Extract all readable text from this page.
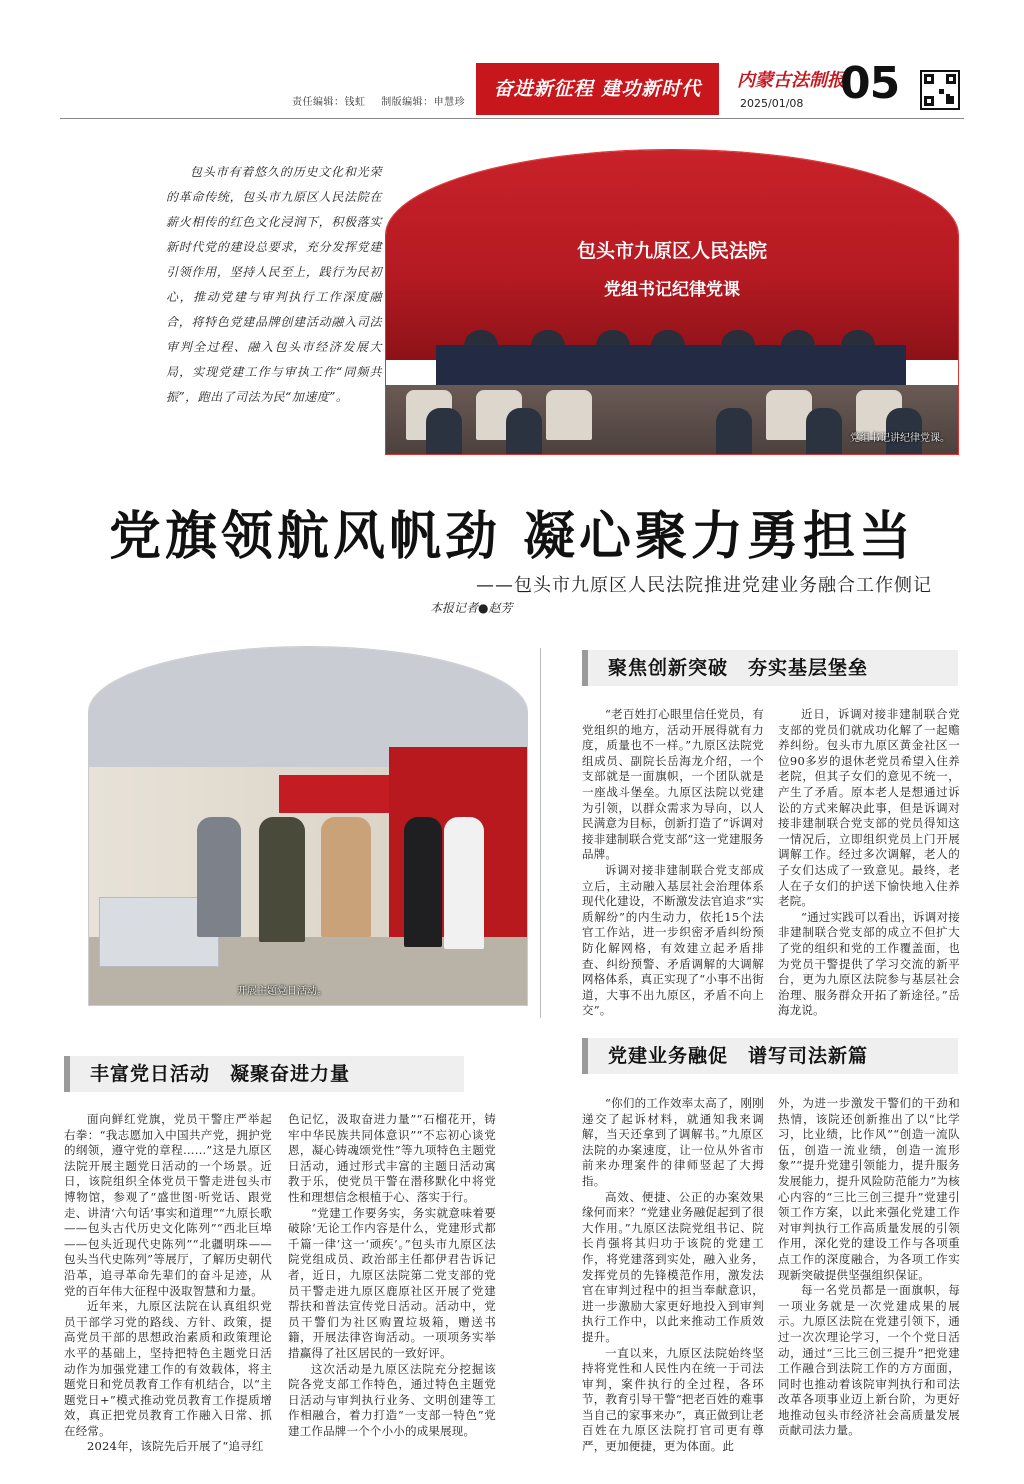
责任编辑：钱虹 制版编辑：申慧珍
奋进新征程 建功新时代	内蒙古法制报
2025/01/08 05

包头市有着悠久的历史文化和光荣的革命传统，包头市九原区人民法院在薪火相传的红色文化浸润下，积极落实新时代党的建设总要求，充分发挥党建引领作用，坚持人民至上，践行为民初心，推动党建与审判执行工作深度融合，将特色党建品牌创建活动融入司法审判全过程、融入包头市经济发展大局，实现党建工作与审执工作“同频共振”，跑出了司法为民“加速度”。

包头市九原区人民法院
党组书记纪律党课
党组书记讲纪律党课。
党旗领航风帆劲 凝心聚力勇担当
——包头市九原区人民法院推进党建业务融合工作侧记
本报记者●赵芳
开展主题党日活动。
聚焦创新突破 夯实基层堡垒

“老百姓打心眼里信任党员，有党组织的地方，活动开展得就有力度，质量也不一样。”九原区法院党组成员、副院长岳海龙介绍，一个支部就是一面旗帜，一个团队就是一座战斗堡垒。九原区法院以党建为引领，以群众需求为导向，以人民满意为目标，创新打造了“诉调对接非建制联合党支部”这一党建服务品牌。

诉调对接非建制联合党支部成立后，主动融入基层社会治理体系现代化建设，不断激发法官追求“实质解纷”的内生动力，依托15个法官工作站，进一步织密矛盾纠纷预防化解网格，有效建立起矛盾排查、纠纷预警、矛盾调解的大调解网格体系，真正实现了“小事不出街道，大事不出九原区，矛盾不向上交”。

近日，诉调对接非建制联合党支部的党员们就成功化解了一起赡养纠纷。包头市九原区黄金社区一位90多岁的退休老党员希望入住养老院，但其子女们的意见不统一，产生了矛盾。原本老人是想通过诉讼的方式来解决此事，但是诉调对接非建制联合党支部的党员得知这一情况后，立即组织党员上门开展调解工作。经过多次调解，老人的子女们达成了一致意见。最终，老人在子女们的护送下愉快地入住养老院。

“通过实践可以看出，诉调对接非建制联合党支部的成立不但扩大了党的组织和党的工作覆盖面，也为党员干警提供了学习交流的新平台，更为九原区法院参与基层社会治理、服务群众开拓了新途径。”岳海龙说。

丰富党日活动 凝聚奋进力量

面向鲜红党旗，党员干警庄严举起右拳：“我志愿加入中国共产党，拥护党的纲领，遵守党的章程……”这是九原区法院开展主题党日活动的一个场景。近日，该院组织全体党员干警走进包头市博物馆，参观了“盛世图·听党话、跟党走、讲清‘六句话’事实和道理”“九原长歌——包头古代历史文化陈列”“西北巨埠——包头近现代史陈列”“北疆明珠——包头当代史陈列”等展厅，了解历史朝代沿革，追寻革命先辈们的奋斗足迹，从党的百年伟大征程中汲取智慧和力量。

近年来，九原区法院在认真组织党员干部学习党的路线、方针、政策，提高党员干部的思想政治素质和政策理论水平的基础上，坚持把特色主题党日活动作为加强党建工作的有效载体，将主题党日和党员教育工作有机结合，以“主题党日+”模式推动党员教育工作提质增效，真正把党员教育工作融入日常、抓在经常。

2024年，该院先后开展了“追寻红

色记忆，汲取奋进力量”“石榴花开，铸牢中华民族共同体意识”“不忘初心谈党恩，凝心铸魂颂党性”等九项特色主题党日活动，通过形式丰富的主题日活动寓教于乐，使党员干警在潜移默化中将党性和理想信念根植于心、落实于行。

“党建工作要务实，务实就意味着要破除‘无论工作内容是什么，党建形式都千篇一律’这一‘顽疾’。”包头市九原区法院党组成员、政治部主任都伊君告诉记者，近日，九原区法院第二党支部的党员干警走进九原区鹿原社区开展了党建帮扶和普法宣传党日活动。活动中，党员干警们为社区购置垃圾箱，赠送书籍，开展法律咨询活动。一项项务实举措赢得了社区居民的一致好评。

这次活动是九原区法院充分挖掘该院各党支部工作特色，通过特色主题党日活动与审判执行业务、文明创建等工作相融合，着力打造“一支部一特色”党建工作品牌一个个小小的成果展现。

党建业务融促 谱写司法新篇

“你们的工作效率太高了，刚刚递交了起诉材料，就通知我来调解，当天还拿到了调解书。”九原区法院的办案速度，让一位从外省市前来办理案件的律师竖起了大拇指。

高效、便捷、公正的办案效果缘何而来？“党建业务融促起到了很大作用。”九原区法院党组书记、院长肖强将其归功于该院的党建工作，将党建落到实处，融入业务，发挥党员的先锋模范作用，激发法官在审判过程中的担当奉献意识，进一步激励大家更好地投入到审判执行工作中，以此来推动工作质效提升。

一直以来，九原区法院始终坚持将党性和人民性内在统一于司法审判，案件执行的全过程，各环节，教育引导干警“把老百姓的难事当自己的家事来办”，真正做到让老百姓在九原区法院打官司更有尊严，更加便捷，更为体面。此

外，为进一步激发干警们的干劲和热情，该院还创新推出了以“比学习，比业绩，比作风”“创造一流队伍，创造一流业绩，创造一流形象”“提升党建引领能力，提升服务发展能力，提升风险防范能力”为核心内容的“三比三创三提升”党建引领工作方案，以此来强化党建工作对审判执行工作高质量发展的引领作用，深化党的建设工作与各项重点工作的深度融合，为各项工作实现新突破提供坚强组织保证。

每一名党员都是一面旗帜，每一项业务就是一次党建成果的展示。九原区法院在党建引领下，通过一次次理论学习，一个个党日活动，通过“三比三创三提升”把党建工作融合到法院工作的方方面面，同时也推动着该院审判执行和司法改革各项事业迈上新台阶，为更好地推动包头市经济社会高质量发展贡献司法力量。
